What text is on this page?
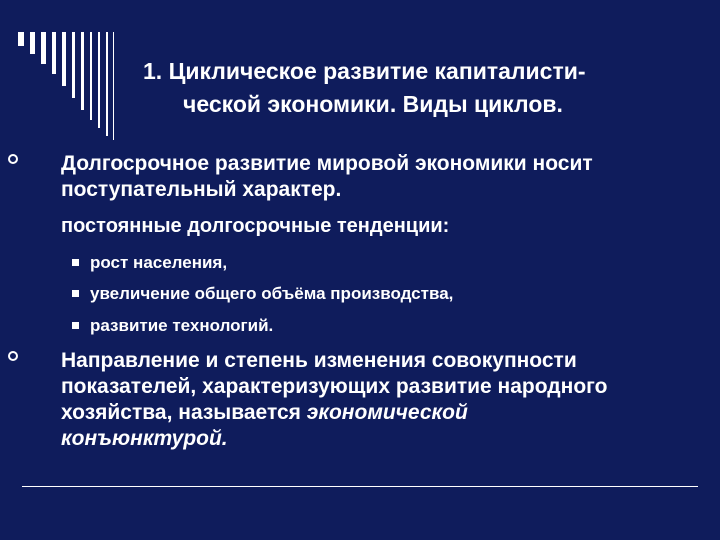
1. Циклическое развитие капиталисти-
ческой экономики. Виды циклов.
Долгосрочное развитие мировой экономики носит
поступательный характер.
постоянные долгосрочные тенденции:
рост населения,
увеличение общего объёма производства,
развитие технологий.
Направление и степень изменения совокупности
показателей, характеризующих развитие народного
хозяйства, называется экономической
конъюнктурой.
